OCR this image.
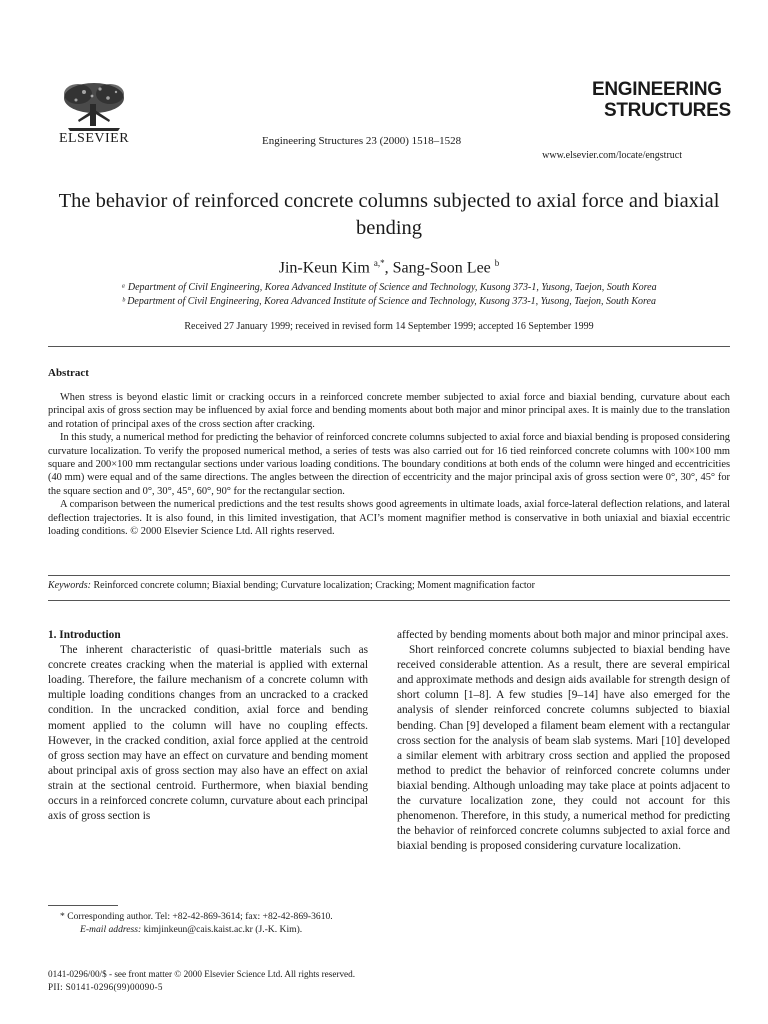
ELSEVIER	Engineering Structures 23 (2000) 1518–1528
ENGINEERING
STRUCTURES
www.elsevier.com/locate/engstruct
The behavior of reinforced concrete columns subjected to axial force and biaxial bending
Jin-Keun Kim $^{a,*}$, Sang-Soon Lee $^b$
ᵃ Department of Civil Engineering, Korea Advanced Institute of Science and Technology, Kusong 373-1, Yusong, Taejon, South Korea
ᵇ Department of Civil Engineering, Korea Advanced Institute of Science and Technology, Kusong 373-1, Yusong, Taejon, South Korea
Received 27 January 1999; received in revised form 14 September 1999; accepted 16 September 1999
Abstract

When stress is beyond elastic limit or cracking occurs in a reinforced concrete member subjected to axial force and biaxial bending, curvature about each principal axis of gross section may be influenced by axial force and bending moments about both major and minor principal axes. It is mainly due to the translation and rotation of principal axes of the cross section after cracking.

In this study, a numerical method for predicting the behavior of reinforced concrete columns subjected to axial force and biaxial bending is proposed considering curvature localization. To verify the proposed numerical method, a series of tests was also carried out for 16 tied reinforced concrete columns with 100×100 mm square and 200×100 mm rectangular sections under various loading conditions. The boundary conditions at both ends of the column were hinged and eccentricities (40 mm) were equal and of the same directions. The angles between the direction of eccentricity and the major principal axis of gross section were 0°, 30°, 45° for the square section and 0°, 30°, 45°, 60°, 90° for the rectangular section.

A comparison between the numerical predictions and the test results shows good agreements in ultimate loads, axial force-lateral deflection relations, and lateral deflection trajectories. It is also found, in this limited investigation, that ACI’s moment magnifier method is conservative in both uniaxial and biaxial eccentric loading conditions. © 2000 Elsevier Science Ltd. All rights reserved.

Keywords: Reinforced concrete column; Biaxial bending; Curvature localization; Cracking; Moment magnification factor

1. Introduction

The inherent characteristic of quasi-brittle materials such as concrete creates cracking when the material is applied with external loading. Therefore, the failure mechanism of a concrete column with multiple loading conditions changes from an uncracked to a cracked condition. In the uncracked condition, axial force and bending moment applied to the column will have no coupling effects. However, in the cracked condition, axial force applied at the centroid of gross section may have an effect on curvature and bending moment about principal axis of gross section may also have an effect on axial strain at the sectional centroid. Furthermore, when biaxial bending occurs in a reinforced concrete column, curvature about each principal axis of gross section is

affected by bending moments about both major and minor principal axes.

Short reinforced concrete columns subjected to biaxial bending have received considerable attention. As a result, there are several empirical and approximate methods and design aids available for strength design of short column [1–8]. A few studies [9–14] have also emerged for the analysis of slender reinforced concrete columns subjected to biaxial bending. Chan [9] developed a filament beam element with a rectangular cross section for the analysis of beam slab systems. Mari [10] developed a similar element with arbitrary cross section and applied the proposed method to predict the behavior of reinforced concrete columns under biaxial bending. Although unloading may take place at points adjacent to the curvature localization zone, they could not account for this phenomenon. Therefore, in this study, a numerical method for predicting the behavior of reinforced concrete columns subjected to axial force and biaxial bending is proposed considering curvature localization.

* Corresponding author. Tel: +82-42-869-3614; fax: +82-42-869-3610.

E-mail address: kimjinkeun@cais.kaist.ac.kr (J.-K. Kim).

0141-0296/00/$ - see front matter © 2000 Elsevier Science Ltd. All rights reserved.
PII: S0141-0296(99)00090-5
